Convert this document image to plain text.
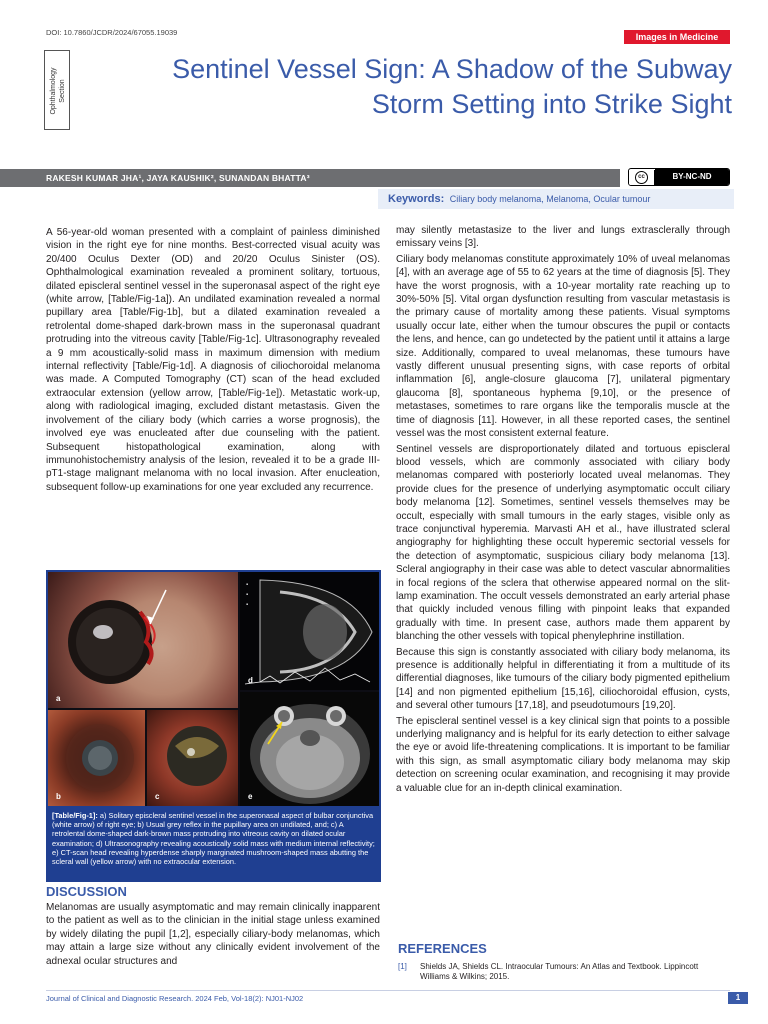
DOI: 10.7860/JCDR/2024/67055.19039	Images in Medicine
Ophthalmology Section
Sentinel Vessel Sign: A Shadow of the Subway Storm Setting into Strike Sight
RAKESH KUMAR JHA¹, JAYA KAUSHIK², SUNANDAN BHATTA³	cc	BY-NC-ND
Keywords: Ciliary body melanoma, Melanoma, Ocular tumour

A 56-year-old woman presented with a complaint of painless diminished vision in the right eye for nine months. Best-corrected visual acuity was 20/400 Oculus Dexter (OD) and 20/20 Oculus Sinister (OS). Ophthalmological examination revealed a prominent solitary, tortuous, dilated episcleral sentinel vessel in the superonasal aspect of the right eye (white arrow, [Table/Fig-1a]). An undilated examination revealed a normal pupillary area [Table/Fig-1b], but a dilated examination revealed a retrolental dome-shaped dark-brown mass in the superonasal quadrant protruding into the vitreous cavity [Table/Fig-1c]. Ultrasonography revealed a 9 mm acoustically-solid mass in maximum dimension with medium internal reflectivity [Table/Fig-1d]. A diagnosis of ciliochoroidal melanoma was made. A Computed Tomography (CT) scan of the head excluded extraocular extension (yellow arrow, [Table/Fig-1e]). Metastatic work-up, along with radiological imaging, excluded distant metastasis. Given the involvement of the ciliary body (which carries a worse prognosis), the involved eye was enucleated after due counseling with the patient. Subsequent histopathological examination, along with immunohistochemistry analysis of the lesion, revealed it to be a grade III-pT1-stage malignant melanoma with no local invasion. After enucleation, subsequent follow-up examinations for one year excluded any recurrence.

a
▪
▪
▪
d
b	c	e
[Table/Fig-1]: a) Solitary episcleral sentinel vessel in the superonasal aspect of bulbar conjunctiva (white arrow) of right eye; b) Usual grey reflex in the pupillary area on undilated, and; c) A retrolental dome-shaped dark-brown mass protruding into vitreous cavity on dilated ocular examination; d) Ultrasonography revealing acoustically solid mass with medium internal reflectivity; e) CT-scan head revealing hyperdense sharply marginated mushroom-shaped mass abutting the scleral wall (yellow arrow) with no extraocular extension.
DISCUSSION

Melanomas are usually asymptomatic and may remain clinically inapparent to the patient as well as to the clinician in the initial stage unless examined by widely dilating the pupil [1,2], especially ciliary-body melanomas, which may attain a large size without any clinically evident involvement of the adnexal ocular structures and

may silently metastasize to the liver and lungs extrasclerally through emissary veins [3].

Ciliary body melanomas constitute approximately 10% of uveal melanomas [4], with an average age of 55 to 62 years at the time of diagnosis [5]. They have the worst prognosis, with a 10-year mortality rate reaching up to 30%-50% [5]. Vital organ dysfunction resulting from vascular metastasis is the primary cause of mortality among these patients. Visual symptoms usually occur late, either when the tumour obscures the pupil or contacts the lens, and hence, can go undetected by the patient until it attains a large size. Additionally, compared to uveal melanomas, these tumours have vastly different unusual presenting signs, with case reports of orbital inflammation [6], angle-closure glaucoma [7], unilateral pigmentary glaucoma [8], spontaneous hyphema [9,10], or the presence of metastases, sometimes to rare organs like the temporalis muscle at the time of diagnosis [11]. However, in all these reported cases, the sentinel vessel was the most consistent external feature.

Sentinel vessels are disproportionately dilated and tortuous episcleral blood vessels, which are commonly associated with ciliary body melanomas compared with posteriorly located uveal melanomas. They provide clues for the presence of underlying asymptomatic occult ciliary body melanoma [12]. Sometimes, sentinel vessels themselves may be occult, especially with small tumours in the early stages, visible only as trace conjunctival hyperemia. Marvasti AH et al., have illustrated scleral angiography for highlighting these occult hyperemic sectorial vessels for the detection of asymptomatic, suspicious ciliary body melanoma [13]. Scleral angiography in their case was able to detect vascular abnormalities in focal regions of the sclera that otherwise appeared normal on the slit-lamp examination. The occult vessels demonstrated an early arterial phase that quickly included venous filling with pinpoint leaks that expanded gradually with time. In present case, authors made them apparent by blanching the other vessels with topical phenylephrine instillation.

Because this sign is constantly associated with ciliary body melanoma, its presence is additionally helpful in differentiating it from a multitude of its differential diagnoses, like tumours of the ciliary body pigmented epithelium [14] and non pigmented epithelium [15,16], ciliochoroidal effusion, cysts, and several other tumours [17,18], and pseudotumours [19,20].

The episcleral sentinel vessel is a key clinical sign that points to a possible underlying malignancy and is helpful for its early detection to either salvage the eye or avoid life-threatening complications. It is important to be familiar with this sign, as small asymptomatic ciliary body melanoma may skip detection on screening ocular examination, and recognising it may provide a valuable clue for an in-depth clinical examination.

REFERENCES
[1] Shields JA, Shields CL. Intraocular Tumours: An Atlas and Textbook. Lippincott Williams & Wilkins; 2015.
Journal of Clinical and Diagnostic Research. 2024 Feb, Vol-18(2): NJ01-NJ02	1
